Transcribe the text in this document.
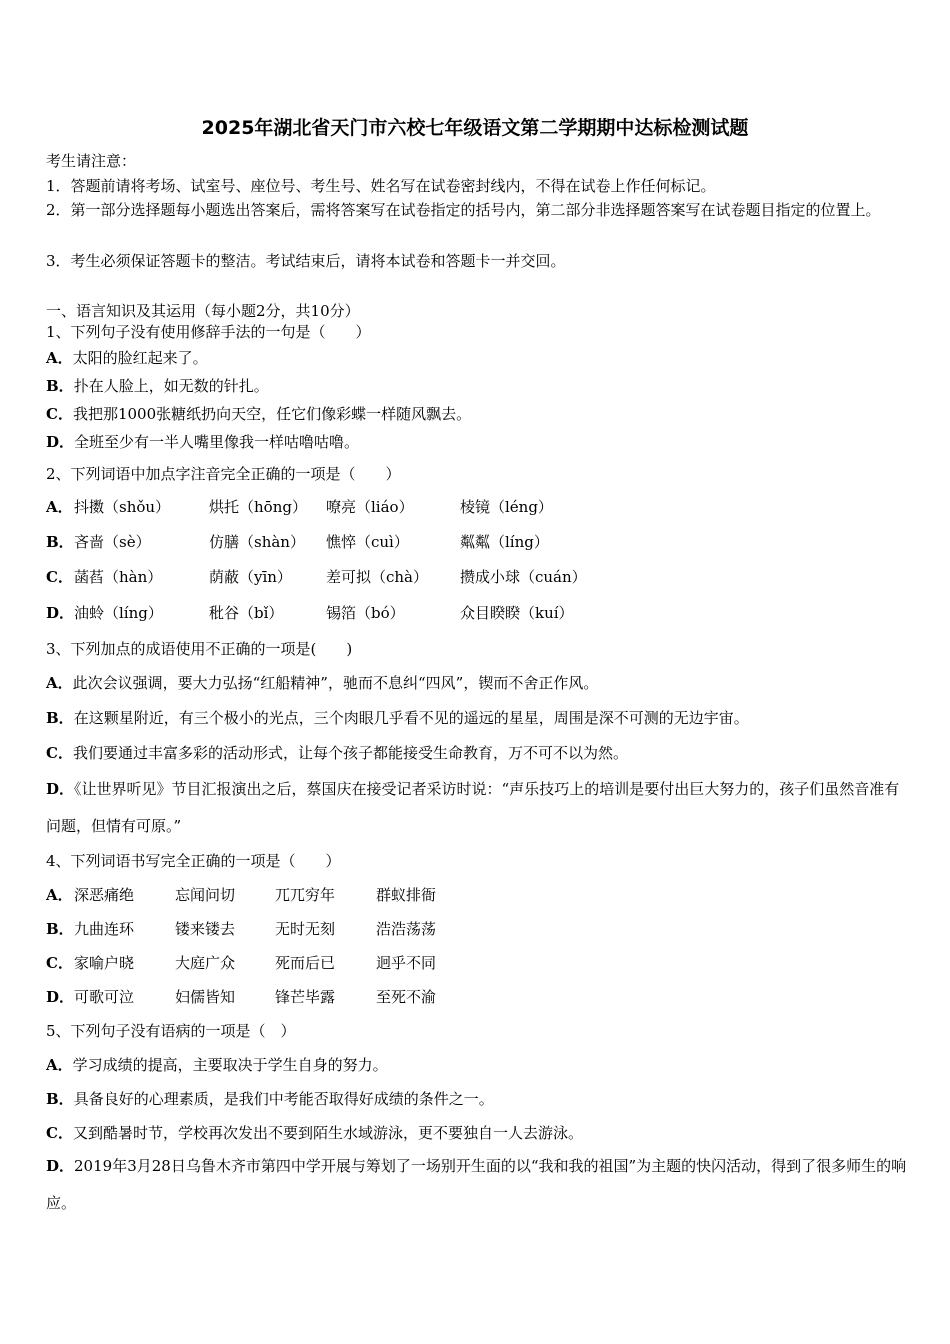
2025年湖北省天门市六校七年级语文第二学期期中达标检测试题
考生请注意：
1．答题前请将考场、试室号、座位号、考生号、姓名写在试卷密封线内，不得在试卷上作任何标记。
2．第一部分选择题每小题选出答案后，需将答案写在试卷指定的括号内，第二部分非选择题答案写在试卷题目指定的位置上。
3．考生必须保证答题卡的整洁。考试结束后，请将本试卷和答题卡一并交回。
一、语言知识及其运用（每小题2分，共10分）
1、下列句子没有使用修辞手法的一句是（　　）
A．太阳的脸红起来了。
B．扑在人脸上，如无数的针扎。
C．我把那1000张糖纸扔向天空，任它们像彩蝶一样随风飘去。
D．全班至少有一半人嘴里像我一样咕噜咕噜。
2、下列词语中加点字注音完全正确的一项是（　　）
A． 抖擞（shǒu）	烘托（hōng） 嘹亮（liáo）	棱镜（léng）
B． 吝啬（sè）	仿膳（shàn） 憔悴（cuì）	粼粼（líng）
C． 菡萏（hàn）	荫蔽（yīn） 差可拟（chà） 攒成小球（cuán）
D． 油蛉（líng）	秕谷（bǐ）	锡箔（bó）	众目睽睽（kuí）
3、下列加点的成语使用不正确的一项是(　　)
A．此次会议强调，要大力弘扬“红船精神”，驰而不息纠“四风”，锲而不舍正作风。
B．在这颗星附近，有三个极小的光点，三个肉眼几乎看不见的遥远的星星，周围是深不可测的无边宇宙。
C．我们要通过丰富多彩的活动形式，让每个孩子都能接受生命教育，万不可不以为然。
D．《让世界听见》节目汇报演出之后，蔡国庆在接受记者采访时说：“声乐技巧上的培训是要付出巨大努力的，孩子们虽然音准有问题，但情有可原。”
4、下列词语书写完全正确的一项是（　　）
A． 深恶痛绝	忘闻问切	兀兀穷年	群蚁排衙
B． 九曲连环	镂来镂去	无时无刻	浩浩荡荡
C． 家喻户晓	大庭广众	死而后已	迥乎不同
D． 可歌可泣	妇儒皆知	锋芒毕露	至死不渝
5、下列句子没有语病的一项是（　）
A．学习成绩的提高，主要取决于学生自身的努力。
B．具备良好的心理素质，是我们中考能否取得好成绩的条件之一。
C．又到酷暑时节，学校再次发出不要到陌生水域游泳，更不要独自一人去游泳。
D．2019年3月28日乌鲁木齐市第四中学开展与筹划了一场别开生面的以“我和我的祖国”为主题的快闪活动，得到了很多师生的响应。
